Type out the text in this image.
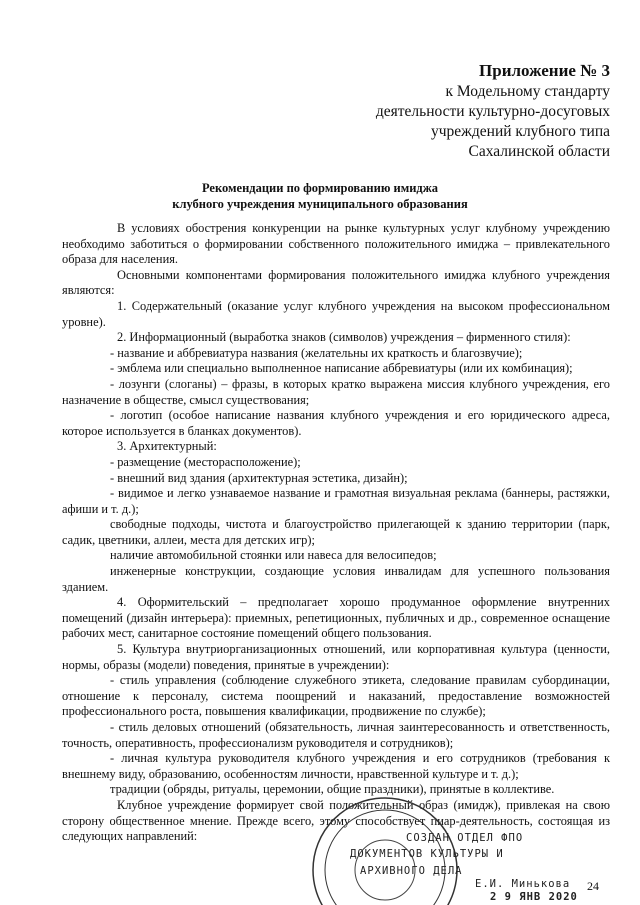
Приложение № 3
к Модельному стандарту
деятельности культурно-досуговых
учреждений клубного типа
Сахалинской области
Рекомендации по формированию имиджа
клубного учреждения муниципального образования

В условиях обострения конкуренции на рынке культурных услуг клубному учреждению необходимо заботиться о формировании собственного положительного имиджа – привлекательного образа для населения.

Основными компонентами формирования положительного имиджа клубного учреждения являются:

1. Содержательный (оказание услуг клубного учреждения на высоком профессиональном уровне).

2. Информационный (выработка знаков (символов) учреждения – фирменного стиля):

- название и аббревиатура названия (желательны их краткость и благозвучие);

- эмблема или специально выполненное написание аббревиатуры (или их комбинация);

- лозунги (слоганы) – фразы, в которых кратко выражена миссия клубного учреждения, его назначение в обществе, смысл существования;

- логотип (особое написание названия клубного учреждения и его юридического адреса, которое используется в бланках документов).

3. Архитектурный:

- размещение (месторасположение);

- внешний вид здания (архитектурная эстетика, дизайн);

- видимое и легко узнаваемое название и грамотная визуальная реклама (баннеры, растяжки, афиши и т. д.);

свободные подходы, чистота и благоустройство прилегающей к зданию территории (парк, садик, цветники, аллеи, места для детских игр);

наличие автомобильной стоянки или навеса для велосипедов;

инженерные конструкции, создающие условия инвалидам для успешного пользования зданием.

4. Оформительский – предполагает хорошо продуманное оформление внутренних помещений (дизайн интерьера): приемных, репетиционных, публичных и др., современное оснащение рабочих мест, санитарное состояние помещений общего пользования.

5. Культура внутриорганизационных отношений, или корпоративная культура (ценности, нормы, образы (модели) поведения, принятые в учреждении):

- стиль управления (соблюдение служебного этикета, следование правилам субординации, отношение к персоналу, система поощрений и наказаний, предоставление возможностей профессионального роста, повышения квалификации, продвижение по службе);

- стиль деловых отношений (обязательность, личная заинтересованность и ответственность, точность, оперативность, профессионализм руководителя и сотрудников);

- личная культура руководителя клубного учреждения и его сотрудников (требования к внешнему виду, образованию, особенностям личности, нравственной культуре и т. д.);

традиции (обряды, ритуалы, церемонии, общие праздники), принятые в коллективе.

Клубное учреждение формирует свой положительный образ (имидж), привлекая на свою сторону общественное мнение. Прежде всего, этому способствует пиар-деятельность, состоящая из следующих направлений:	СОЗДАН ОТДЕЛ ФПО
ДОКУМЕНТОВ КУЛЬТУРЫ И
АРХИВНОГО ДЕЛА
Е.И. Минькова
2 9 ЯНВ 2020
24
